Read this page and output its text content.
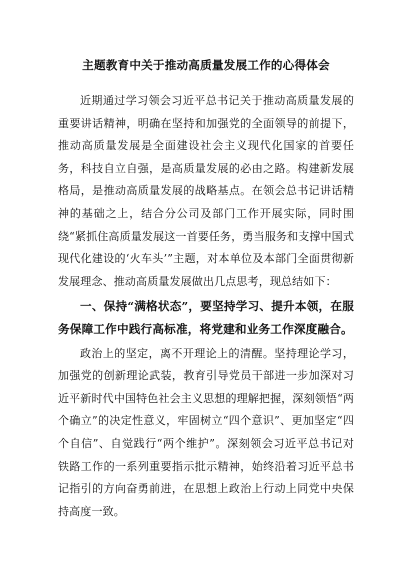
主题教育中关于推动高质量发展工作的心得体会

近期通过学习领会习近平总书记关于推动高质量发展的重要讲话精神，明确在坚持和加强党的全面领导的前提下，推动高质量发展是全面建设社会主义现代化国家的首要任务，科技自立自强，是高质量发展的必由之路。构建新发展格局，是推动高质量发展的战略基点。在领会总书记讲话精神的基础之上，结合分公司及部门工作开展实际，同时围绕“紧抓住高质量发展这一首要任务，勇当服务和支撑中国式现代化建设的‘火车头’”主题，对本单位及本部门全面贯彻新发展理念、推动高质量发展做出几点思考，现总结如下：

一、保持“满格状态”，要坚持学习、提升本领，在服务保障工作中践行高标准，将党建和业务工作深度融合。

政治上的坚定，离不开理论上的清醒。坚持理论学习，加强党的创新理论武装，教育引导党员干部进一步加深对习近平新时代中国特色社会主义思想的理解把握，深刻领悟“两个确立”的决定性意义，牢固树立“四个意识”、更加坚定“四个自信”、自觉践行“两个维护”。深刻领会习近平总书记对铁路工作的一系列重要指示批示精神，始终沿着习近平总书记指引的方向奋勇前进，在思想上政治上行动上同党中央保持高度一致。
